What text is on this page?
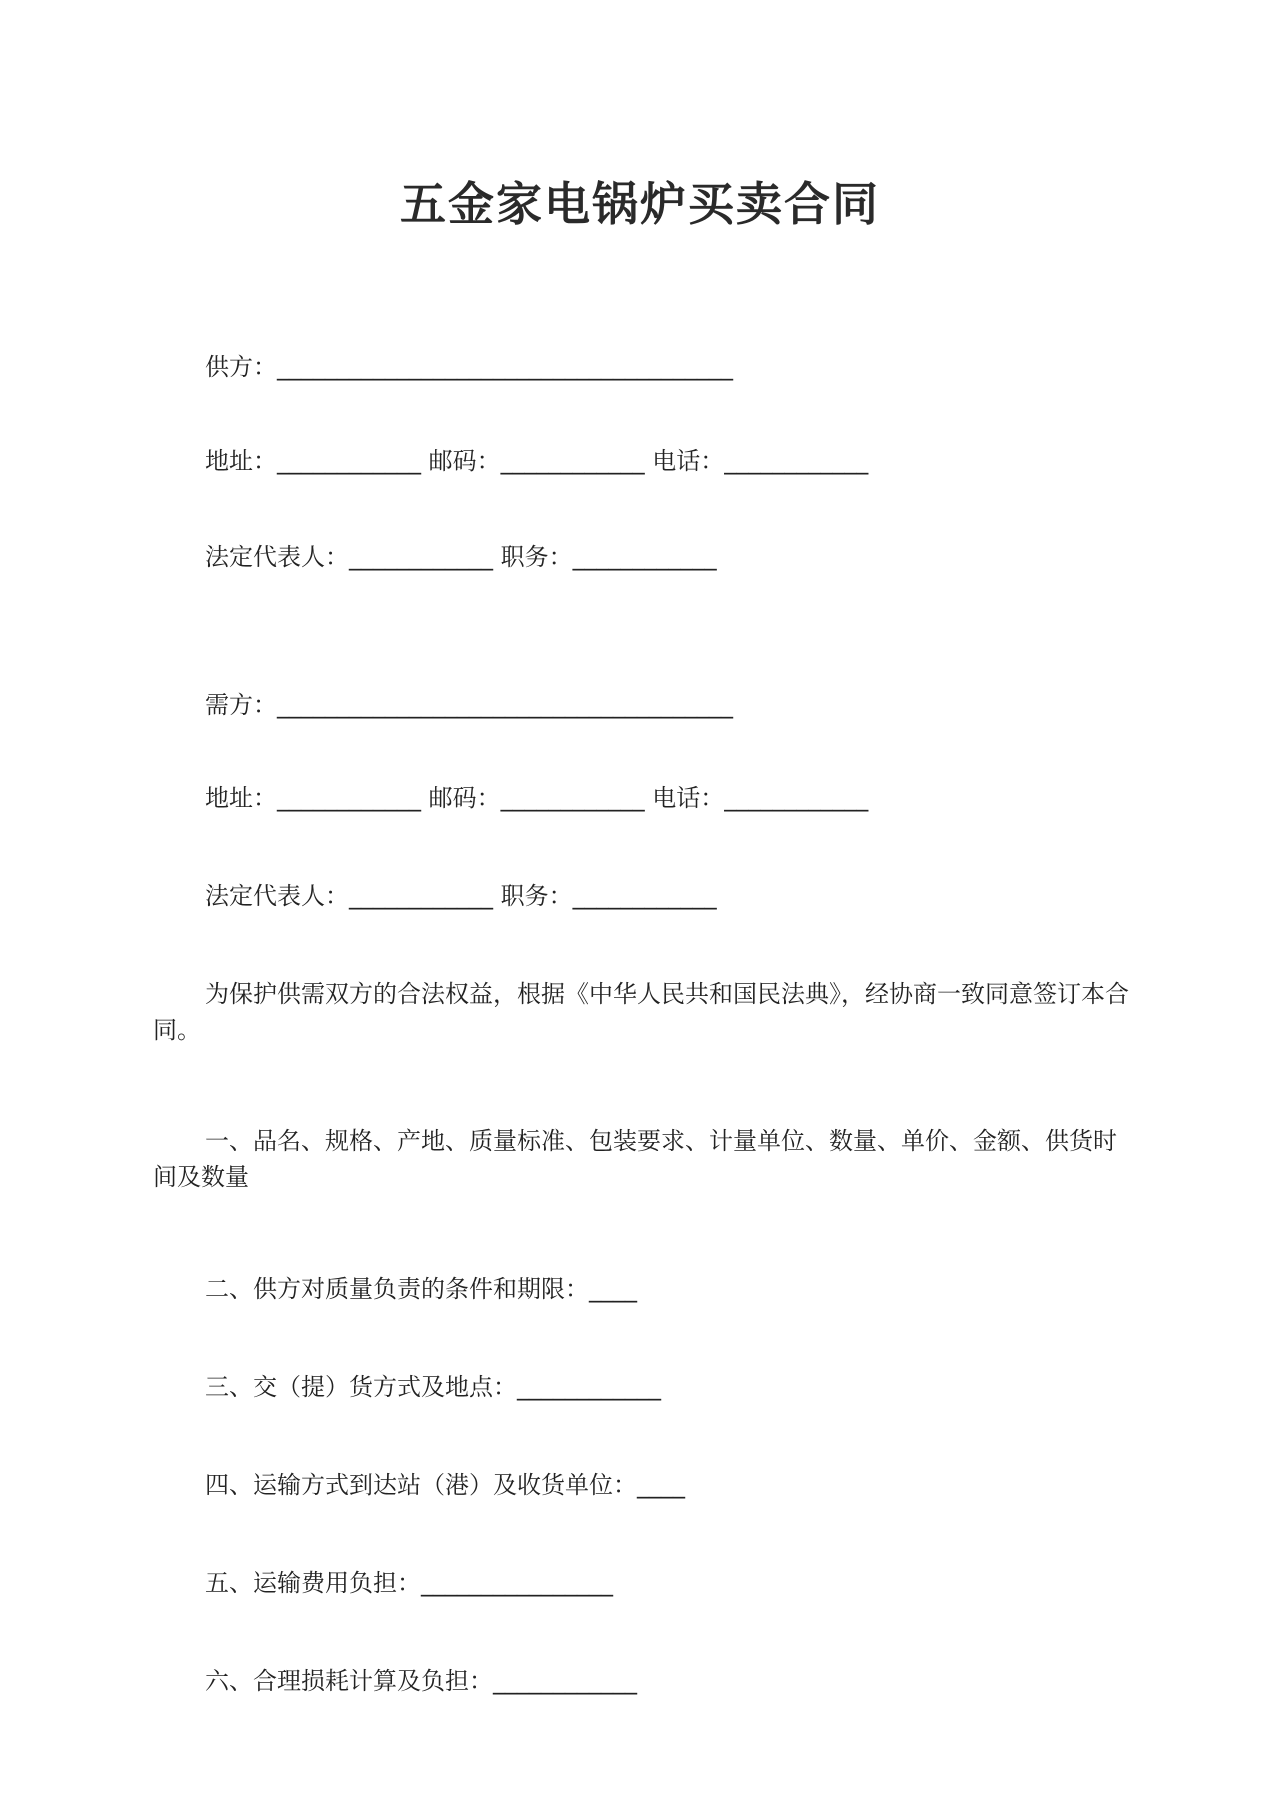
五金家电锅炉买卖合同
供方：______________________________________
地址：____________ 邮码：____________ 电话：____________
法定代表人：____________ 职务：____________
需方：______________________________________
地址：____________ 邮码：____________ 电话：____________
法定代表人：____________ 职务：____________
为保护供需双方的合法权益，根据《中华人民共和国民法典》，经协商一致同意签订本合同。
一、品名、规格、产地、质量标准、包装要求、计量单位、数量、单价、金额、供货时间及数量
二、供方对质量负责的条件和期限：____
三、交（提）货方式及地点：____________
四、运输方式到达站（港）及收货单位：____
五、运输费用负担：________________
六、合理损耗计算及负担：____________
